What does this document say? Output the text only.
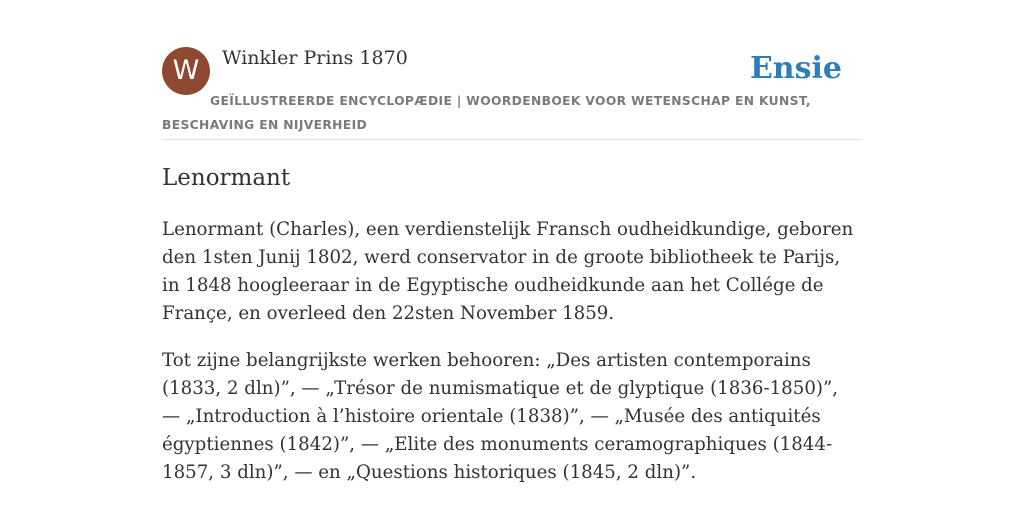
W	Winkler Prins 1870	Ensie
GEÏLLUSTREERDE ENCYCLOPÆDIE | WOORDENBOEK VOOR WETENSCHAP EN KUNST, BESCHAVING EN NIJVERHEID
Lenormant

Lenormant (Charles), een verdienstelijk Fransch oudheidkundige, geboren den 1sten Junij 1802, werd conservator in de groote bibliotheek te Parijs, in 1848 hoogleeraar in de Egyptische oudheidkunde aan het Collége de Françe, en overleed den 22sten November 1859.

Tot zijne belangrijkste werken behooren: „Des artisten contemporains (1833, 2 dln)”, — „Trésor de numismatique et de glyptique (1836-1850)”, — „Introduction à l’histoire orientale (1838)”, — „Musée des antiquités égyptiennes (1842)”, — „Elite des monuments ceramographiques (1844-1857, 3 dln)”, — en „Questions historiques (1845, 2 dln)”.
